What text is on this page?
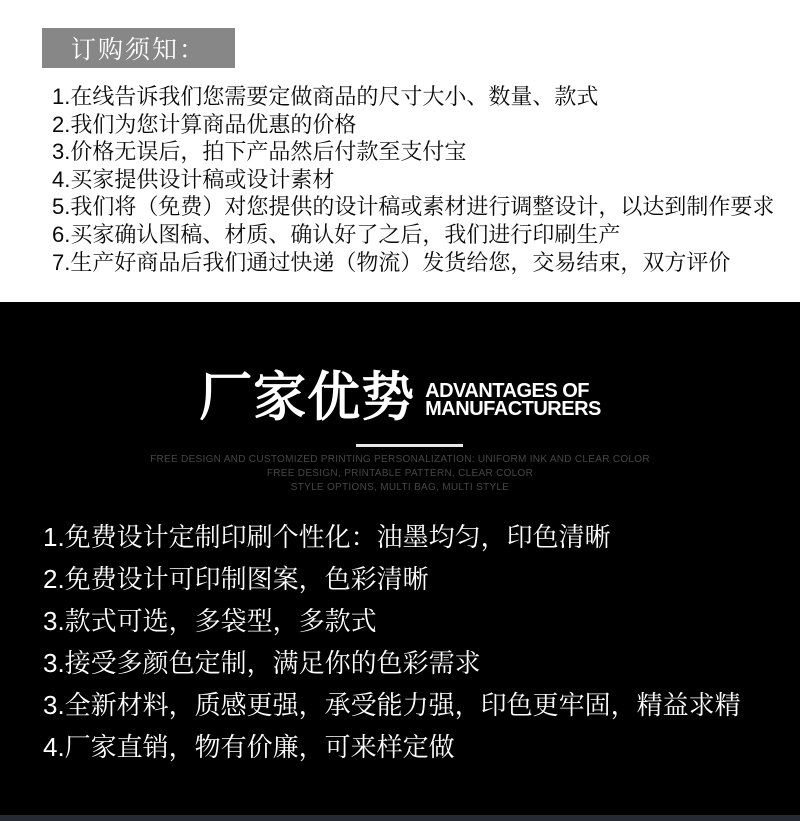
订购须知：
1.在线告诉我们您需要定做商品的尺寸大小、数量、款式
2.我们为您计算商品优惠的价格
3.价格无误后，拍下产品然后付款至支付宝
4.买家提供设计稿或设计素材
5.我们将（免费）对您提供的设计稿或素材进行调整设计，以达到制作要求
6.买家确认图稿、材质、确认好了之后，我们进行印刷生产
7.生产好商品后我们通过快递（物流）发货给您，交易结束，双方评价
厂家优势 ADVANTAGES OF
MANUFACTURERS
FREE DESIGN AND CUSTOMIZED PRINTING PERSONALIZATION: UNIFORM INK AND CLEAR COLOR
FREE DESIGN, PRINTABLE PATTERN, CLEAR COLOR
STYLE OPTIONS, MULTI BAG, MULTI STYLE
1.免费设计定制印刷个性化：油墨均匀，印色清晰
2.免费设计可印制图案，色彩清晰
3.款式可选，多袋型，多款式
3.接受多颜色定制，满足你的色彩需求
3.全新材料，质感更强，承受能力强，印色更牢固，精益求精
4.厂家直销，物有价廉，可来样定做
